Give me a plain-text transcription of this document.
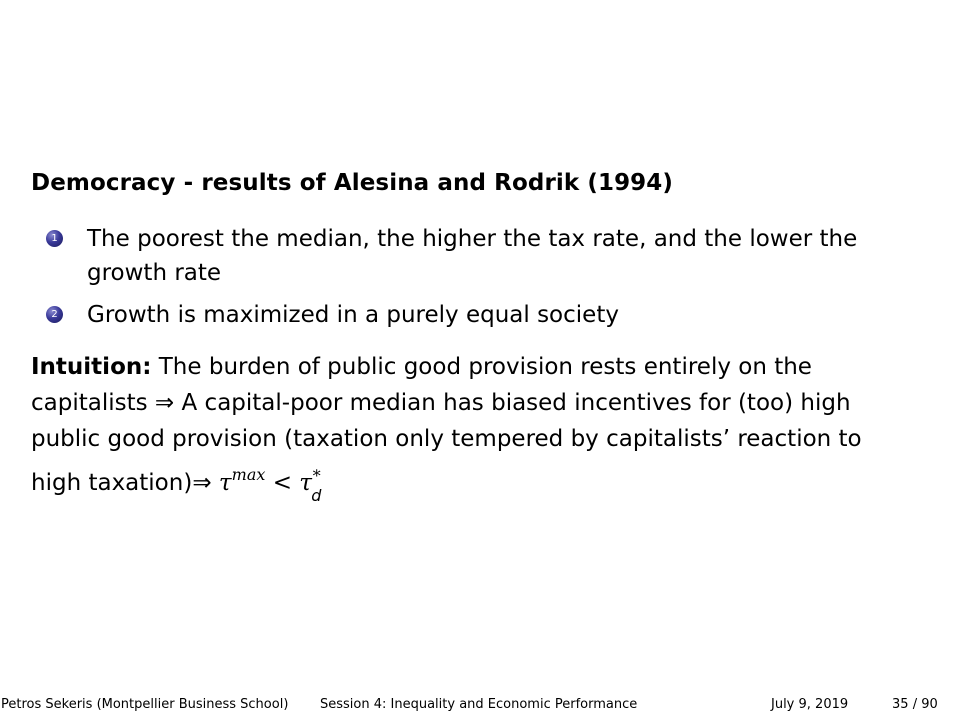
Democracy - results of Alesina and Rodrik (1994)
1 The poorest the median, the higher the tax rate, and the lower the growth rate
2 Growth is maximized in a purely equal society

Intuition: The burden of public good provision rests entirely on the capitalists ⇒ A capital-poor median has biased incentives for (too) high public good provision (taxation only tempered by capitalists’ reaction to high taxation)⇒ $\tau^{max} < \tau$ ∗
d

Petros Sekeris (Montpellier Business School) Session 4: Inequality and Economic Performance	July 9, 2019	35 / 90
